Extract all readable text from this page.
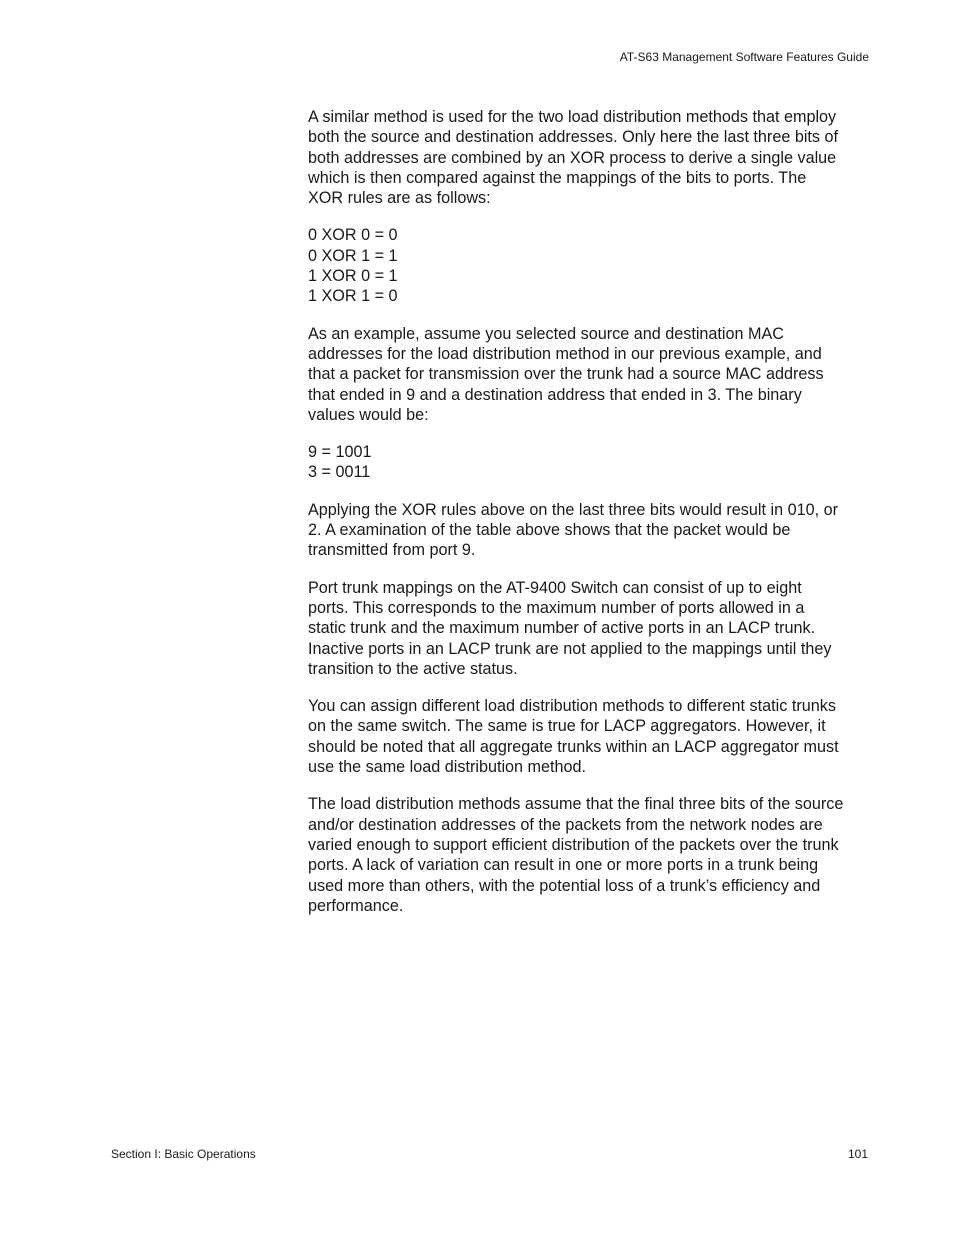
AT-S63 Management Software Features Guide

A similar method is used for the two load distribution methods that employ
both the source and destination addresses. Only here the last three bits of
both addresses are combined by an XOR process to derive a single value
which is then compared against the mappings of the bits to ports. The
XOR rules are as follows:

0 XOR 0 = 0
0 XOR 1 = 1
1 XOR 0 = 1
1 XOR 1 = 0

As an example, assume you selected source and destination MAC
addresses for the load distribution method in our previous example, and
that a packet for transmission over the trunk had a source MAC address
that ended in 9 and a destination address that ended in 3. The binary
values would be:

9 = 1001
3 = 0011

Applying the XOR rules above on the last three bits would result in 010, or
2. A examination of the table above shows that the packet would be
transmitted from port 9.

Port trunk mappings on the AT-9400 Switch can consist of up to eight
ports. This corresponds to the maximum number of ports allowed in a
static trunk and the maximum number of active ports in an LACP trunk.
Inactive ports in an LACP trunk are not applied to the mappings until they
transition to the active status.

You can assign different load distribution methods to different static trunks
on the same switch. The same is true for LACP aggregators. However, it
should be noted that all aggregate trunks within an LACP aggregator must
use the same load distribution method.

The load distribution methods assume that the final three bits of the source
and/or destination addresses of the packets from the network nodes are
varied enough to support efficient distribution of the packets over the trunk
ports. A lack of variation can result in one or more ports in a trunk being
used more than others, with the potential loss of a trunk’s efficiency and
performance.

Section I: Basic Operations	101
